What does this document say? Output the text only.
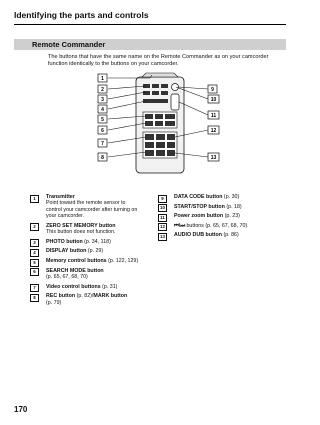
Identifying the parts and controls
Remote Commander
The buttons that have the same name on the Remote Commander as on your camcorder function identically to the buttons on your camcorder.
1
2
3
4
5
6
7
8
9
10
11
12
13
1	Transmitter
Point toward the remote sensor to
control your camcorder after turning on
your camcorder.
2	ZERO SET MEMORY button
This button does not function.
3	PHOTO button (p. 34, 118)
4	DISPLAY button (p. 29)
5	Memory control buttons (p. 122, 129)
6	SEARCH MODE button
(p. 65, 67, 68, 70)
7	Video control buttons (p. 31)
8	REC button (p. 82)/MARK button
(p. 79)
9	DATA CODE button (p. 30)
10	START/STOP button (p. 18)
11	Power zoom button (p. 23)
12	⏮/⏭ buttons (p. 65, 67, 68, 70)
13	AUDIO DUB button (p. 86)
170
